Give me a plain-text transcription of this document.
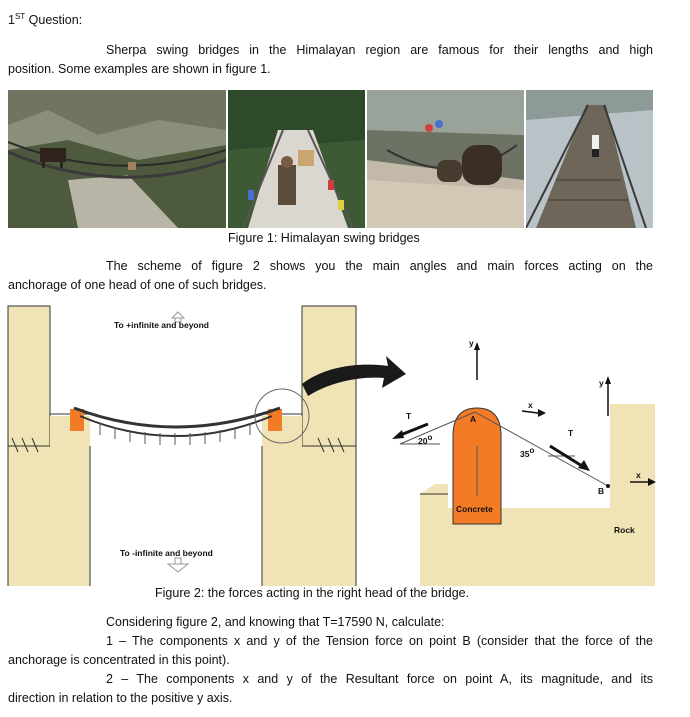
1ST Question:
Sherpa swing bridges in the Himalayan region are famous for their lengths and high
position. Some examples are shown in figure 1.
Figure 1: Himalayan swing bridges
The scheme of figure 2 shows you the main angles and main forces acting on the
anchorage of one head of one of such bridges.
To +infinite and beyond
To -infinite and beyond
Concrete
Rock
A
B
T
T
20o
35o
y
x
y
x
Figure 2: the forces acting in the right head of the bridge.
Considering figure 2, and knowing that T=17590 N, calculate:
1 – The components x and y of the Tension force on point B (consider that the force of the
anchorage is concentrated in this point).
2 – The components x and y of the Resultant force on point A, its magnitude, and its
direction in relation to the positive y axis.
